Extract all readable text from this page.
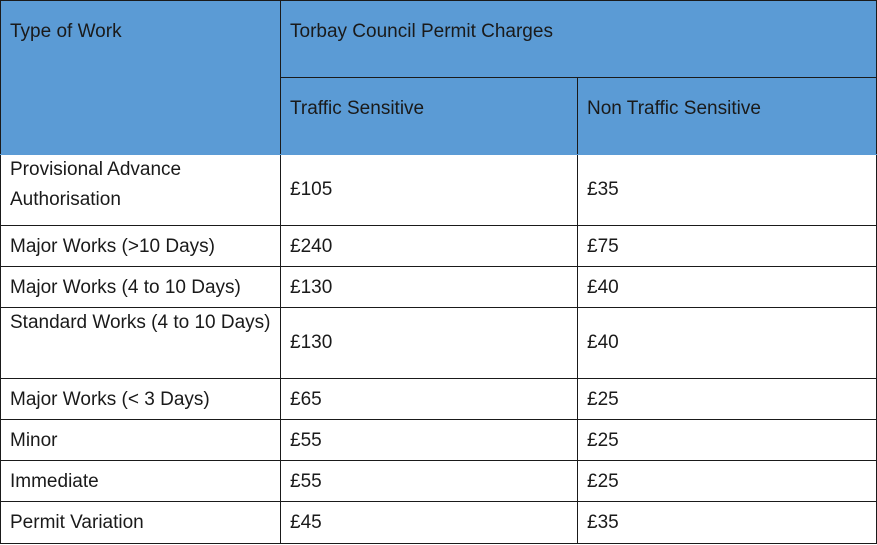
Type of Work	Torbay Council Permit Charges	
	Traffic Sensitive	Non Traffic Sensitive
Provisional Advance Authorisation	£105	£35
Major Works (>10 Days)	£240	£75
Major Works (4 to 10 Days)	£130	£40
Standard Works (4 to 10 Days)	£130	£40
Major Works (< 3 Days)	£65	£25
Minor	£55	£25
Immediate	£55	£25
Permit Variation	£45	£35
